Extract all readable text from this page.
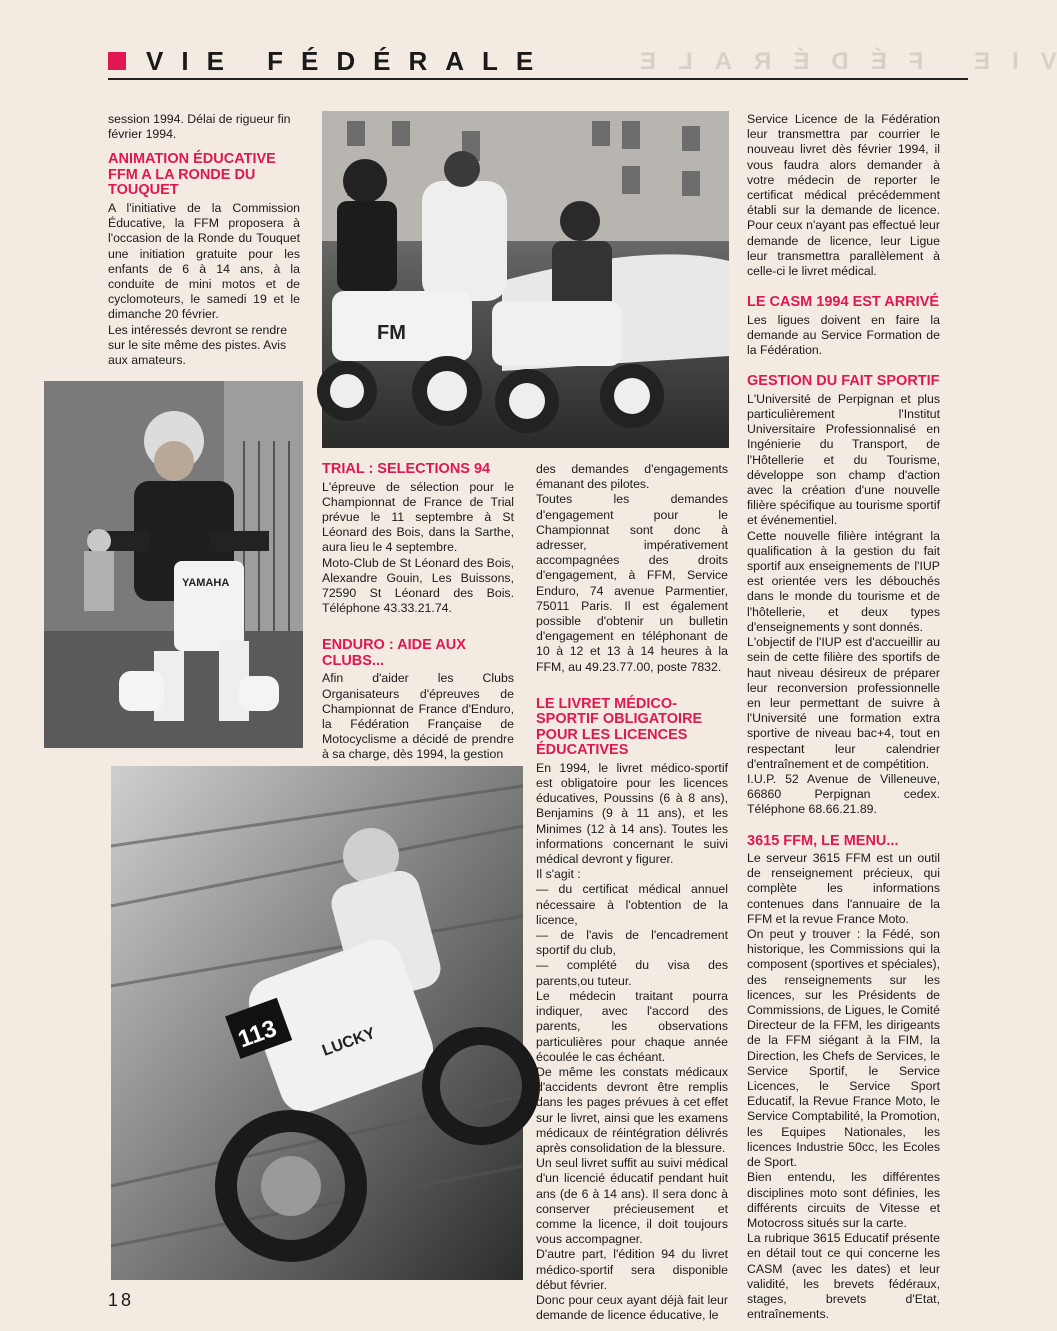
VIE FÉDÉRALE	VIE FÉDÉRALE

session 1994. Délai de rigueur fin février 1994.

ANIMATION ÉDUCATIVE FFM A LA RONDE DU TOUQUET

A l'initiative de la Commission Éducative, la FFM proposera à l'occasion de la Ronde du Touquet une initiation gratuite pour les enfants de 6 à 14 ans, à la conduite de mini motos et de cyclomoteurs, le samedi 19 et le dimanche 20 février.

Les intéressés devront se rendre sur le site même des pistes. Avis aux amateurs.

FM
YAMAHA
TRIAL : SELECTIONS 94

L'épreuve de sélection pour le Championnat de France de Trial prévue le 11 septembre à St Léonard des Bois, dans la Sarthe, aura lieu le 4 septembre.

Moto-Club de St Léonard des Bois, Alexandre Gouin, Les Buissons, 72590 St Léonard des Bois. Téléphone 43.33.21.74.

ENDURO : AIDE AUX CLUBS...

Afin d'aider les Clubs Organisateurs d'épreuves de Championnat de France d'Enduro, la Fédération Française de Motocyclisme a décidé de prendre à sa charge, dès 1994, la gestion

113 LUCKY

des demandes d'engagements émanant des pilotes.

Toutes les demandes d'engagement pour le Championnat sont donc à adresser, impérativement accompagnées des droits d'engagement, à FFM, Service Enduro, 74 avenue Parmentier, 75011 Paris. Il est également possible d'obtenir un bulletin d'engagement en téléphonant de 10 à 12 et 13 à 14 heures à la FFM, au 49.23.77.00, poste 7832.

LE LIVRET MÉDICO-SPORTIF OBLIGATOIRE POUR LES LICENCES ÉDUCATIVES

En 1994, le livret médico-sportif est obligatoire pour les licences éducatives, Poussins (6 à 8 ans), Benjamins (9 à 11 ans), et les Minimes (12 à 14 ans). Toutes les informations concernant le suivi médical devront y figurer.

Il s'agit :

— du certificat médical annuel nécessaire à l'obtention de la licence,

— de l'avis de l'encadrement sportif du club,

— complété du visa des parents,ou tuteur.

Le médecin traitant pourra indiquer, avec l'accord des parents, les observations particulières pour chaque année écoulée le cas échéant.

De même les constats médicaux d'accidents devront être remplis dans les pages prévues à cet effet sur le livret, ainsi que les examens médicaux de réintégration délivrés après consolidation de la blessure.

Un seul livret suffit au suivi médical d'un licencié éducatif pendant huit ans (de 6 à 14 ans). Il sera donc à conserver précieusement et comme la licence, il doit toujours vous accompagner.

D'autre part, l'édition 94 du livret médico-sportif sera disponible début février.

Donc pour ceux ayant déjà fait leur demande de licence éducative, le

Service Licence de la Fédération leur transmettra par courrier le nouveau livret dès février 1994, il vous faudra alors demander à votre médecin de reporter le certificat médical précédemment établi sur la demande de licence. Pour ceux n'ayant pas effectué leur demande de licence, leur Ligue leur transmettra parallèlement à celle-ci le livret médical.

LE CASM 1994 EST ARRIVÉ

Les ligues doivent en faire la demande au Service Formation de la Fédération.

GESTION DU FAIT SPORTIF

L'Université de Perpignan et plus particulièrement l'Institut Universitaire Professionnalisé en Ingénierie du Transport, de l'Hôtellerie et du Tourisme, développe son champ d'action avec la création d'une nouvelle filière spécifique au tourisme sportif et événementiel.

Cette nouvelle filière intégrant la qualification à la gestion du fait sportif aux enseignements de l'IUP est orientée vers les débouchés dans le monde du tourisme et de l'hôtellerie, et deux types d'enseignements y sont donnés.

L'objectif de l'IUP est d'accueillir au sein de cette filière des sportifs de haut niveau désireux de préparer leur reconversion professionnelle en leur permettant de suivre à l'Université une formation extra sportive de niveau bac+4, tout en respectant leur calendrier d'entraînement et de compétition.

I.U.P. 52 Avenue de Villeneuve, 66860 Perpignan cedex. Téléphone 68.66.21.89.

3615 FFM, LE MENU...

Le serveur 3615 FFM est un outil de renseignement précieux, qui complète les informations contenues dans l'annuaire de la FFM et la revue France Moto.

On peut y trouver : la Fédé, son historique, les Commissions qui la composent (sportives et spéciales), des renseignements sur les licences, sur les Présidents de Commissions, de Ligues, le Comité Directeur de la FFM, les dirigeants de la FFM siégant à la FIM, la Direction, les Chefs de Services, le Service Sportif, le Service Licences, le Service Sport Educatif, la Revue France Moto, le Service Comptabilité, la Promotion, les Equipes Nationales, les licences Industrie 50cc, les Ecoles de Sport.

Bien entendu, les différentes disciplines moto sont définies, les différents circuits de Vitesse et Motocross situés sur la carte.

La rubrique 3615 Educatif présente en détail tout ce qui concerne les CASM (avec les dates) et leur validité, les brevets fédéraux, stages, brevets d'Etat, entraînements.

18
